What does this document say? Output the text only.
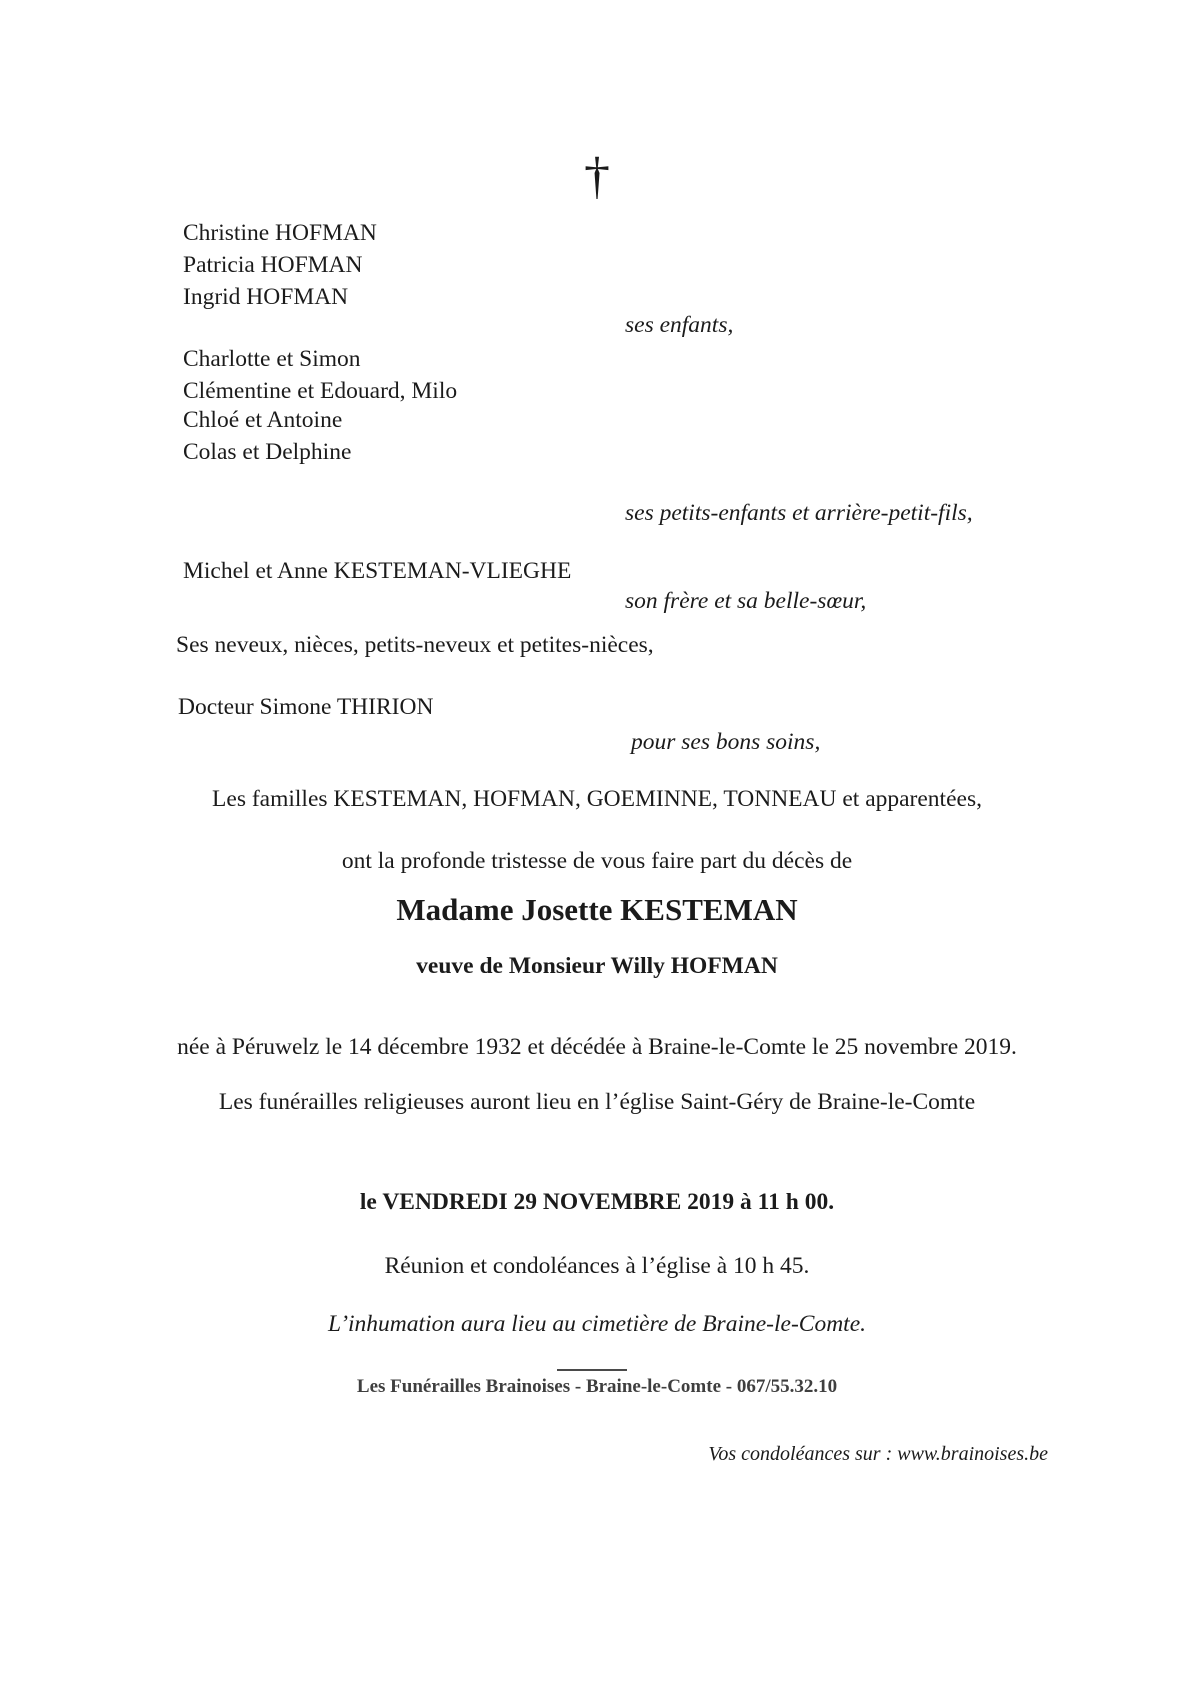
†
Christine HOFMAN
Patricia HOFMAN
Ingrid HOFMAN
ses enfants,
Charlotte et Simon
Clémentine et Edouard, Milo
Chloé et Antoine
Colas et Delphine
ses petits-enfants et arrière-petit-fils,
Michel et Anne KESTEMAN-VLIEGHE
son frère et sa belle-sœur,
Ses neveux, nièces, petits-neveux et petites-nièces,
Docteur Simone THIRION
pour ses bons soins,
Les familles KESTEMAN, HOFMAN, GOEMINNE, TONNEAU et apparentées,
ont la profonde tristesse de vous faire part du décès de
Madame Josette KESTEMAN
veuve de Monsieur Willy HOFMAN
née à Péruwelz le 14 décembre 1932 et décédée à Braine-le-Comte le 25 novembre 2019.
Les funérailles religieuses auront lieu en l’église Saint-Géry de Braine-le-Comte
le VENDREDI 29 NOVEMBRE 2019 à 11 h 00.
Réunion et condoléances à l’église à 10 h 45.
L’inhumation aura lieu au cimetière de Braine-le-Comte.
Les Funérailles Brainoises - Braine-le-Comte - 067/55.32.10
Vos condoléances sur : www.brainoises.be
